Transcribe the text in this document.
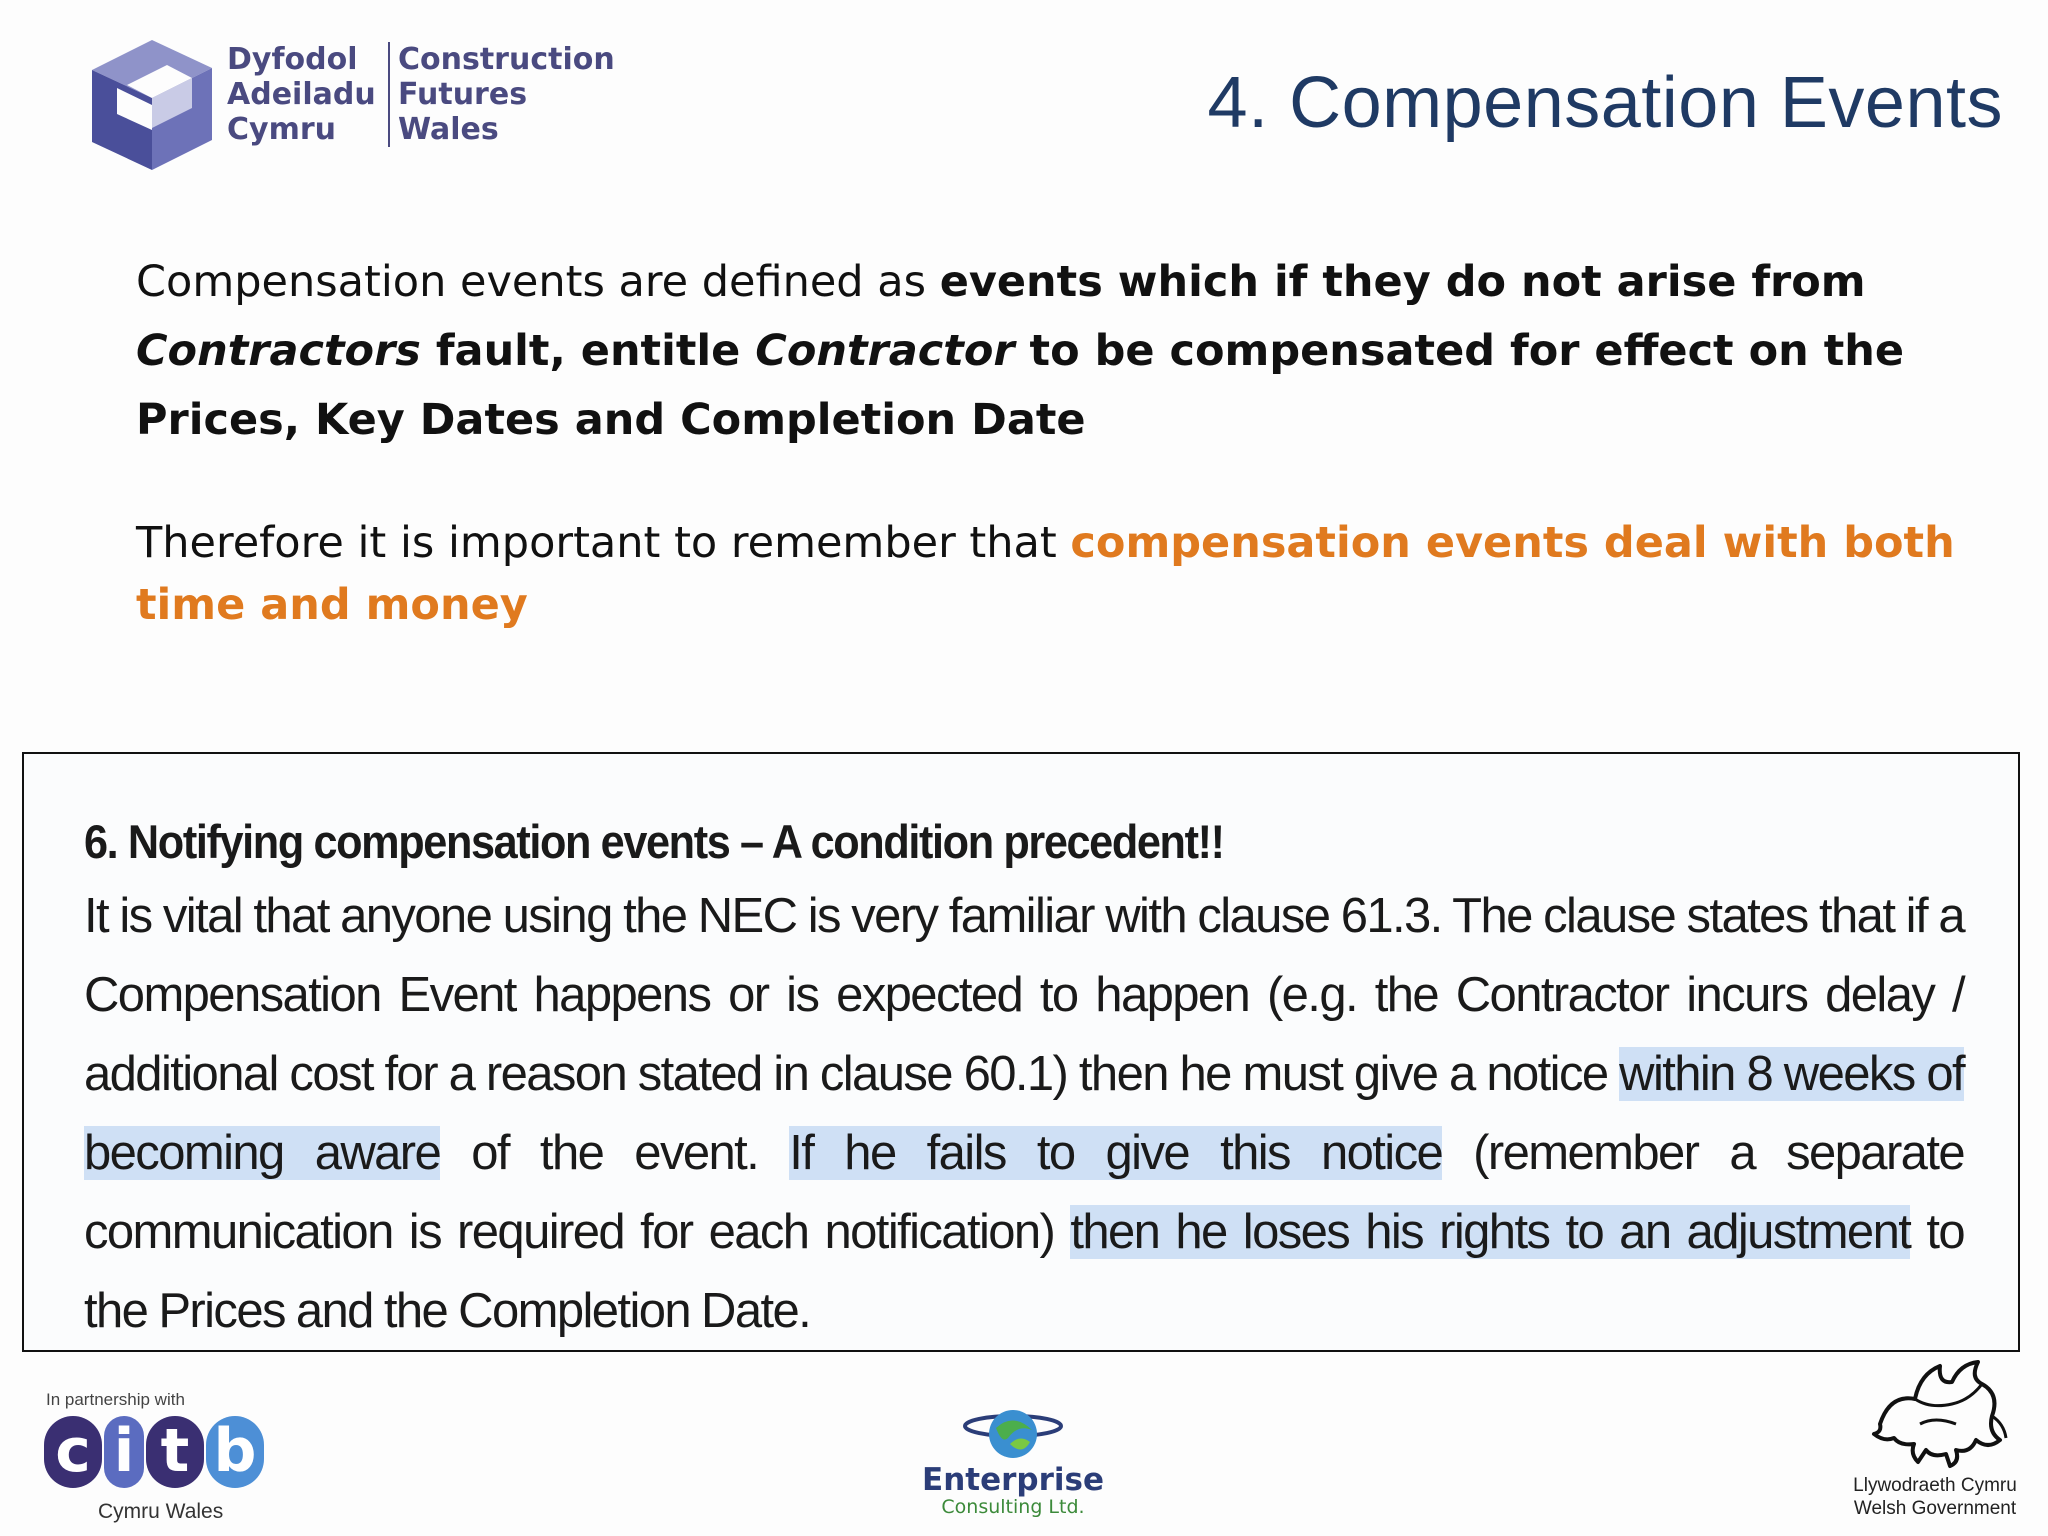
Dyfodol
Adeiladu
Cymru
Construction
Futures
Wales	4. Compensation Events

Compensation events are defined as events which if they do not arise from Contractors fault, entitle Contractor to be compensated for effect on the Prices, Key Dates and Completion Date

Therefore it is important to remember that compensation events deal with both time and money

6. Notifying compensation events – A condition precedent!!

It is vital that anyone using the NEC is very familiar with clause 61.3. The clause states that if a Compensation Event happens or is expected to happen (e.g. the Contractor incurs delay / additional cost for a reason stated in clause 60.1) then he must give a notice within 8 weeks of becoming aware of the event. If he fails to give this notice (remember a separate communication is required for each notification) then he loses his rights to an adjustment to the Prices and the Completion Date.

In partnership with
c i t b
Cymru Wales
Enterprise
Consulting Ltd.
Llywodraeth Cymru
Welsh Government
